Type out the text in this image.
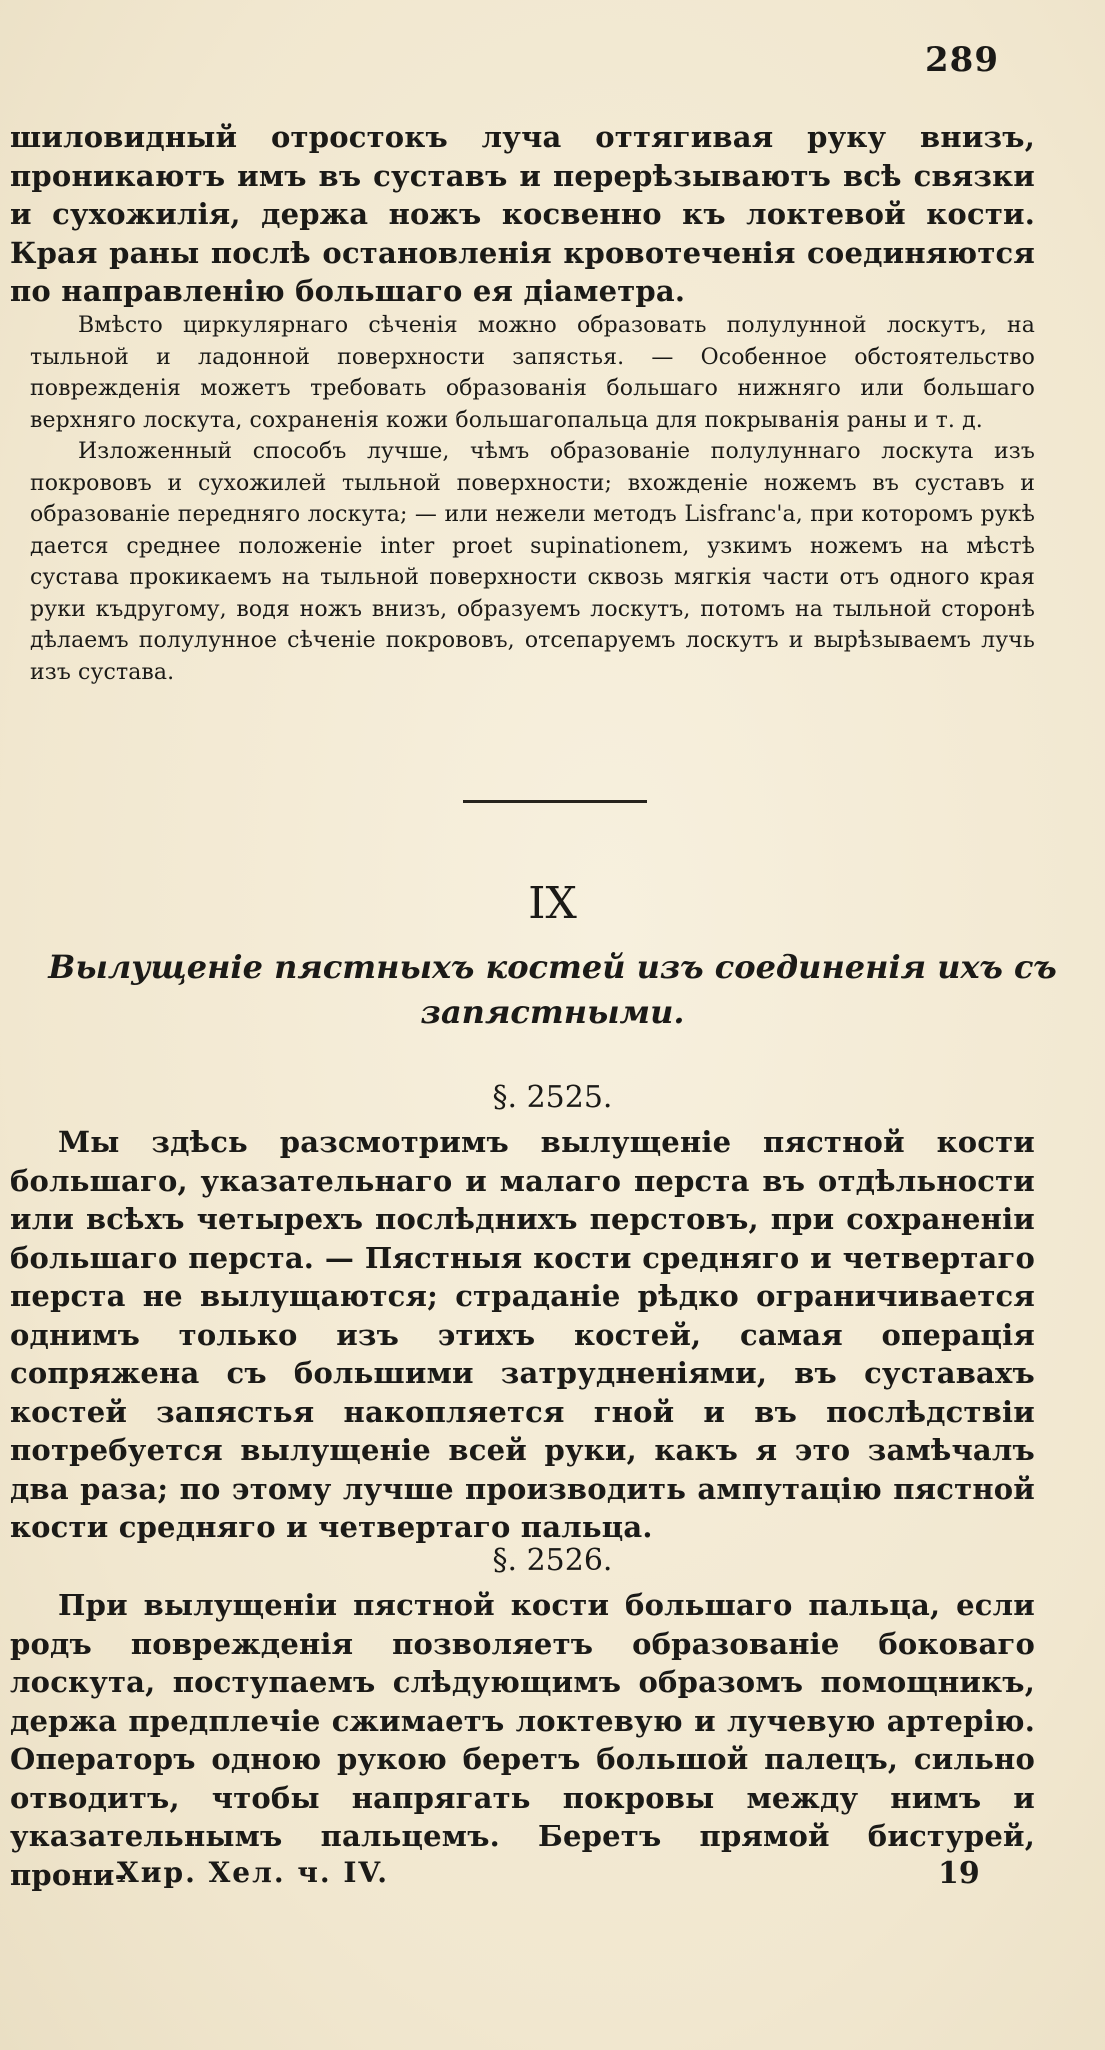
289

шиловидный отростокъ луча оттягивая руку внизъ, проникаютъ имъ въ суставъ и перерѣзываютъ всѣ связки и сухожилія, держа ножъ косвенно къ локтевой кости. Края раны послѣ остановленія кровотеченія соединяются по направленію большаго ея діаметра.

Вмѣсто циркулярнаго сѣченія можно образовать полулунной лоскутъ, на тыльной и ладонной поверхности запястья. — Особенное обстоятельство поврежденія можетъ требовать образованія большаго нижняго или большаго верхняго лоскута, сохраненія кожи большагопальца для покрыванія раны и т. д.

Изложенный способъ лучше, чѣмъ образованіе полулуннаго лоскута изъ покрововъ и сухожилей тыльной поверхности; вхожденіе ножемъ въ суставъ и образованіе передняго лоскута; — или нежели методъ Lisfranc'а, при которомъ рукѣ дается среднее положеніе inter proet supinationem, узкимъ ножемъ на мѣстѣ сустава прокикаемъ на тыльной поверхности сквозь мягкія части отъ одного края руки къдругому, водя ножъ внизъ, образуемъ лоскутъ, потомъ на тыльной сторонѣ дѣлаемъ полулунное сѣченіе покрововъ, отсепаруемъ лоскутъ и вырѣзываемъ лучь изъ сустава.

IX
Вылущеніе пястныхъ костей изъ соединенія ихъ съ запястными.
§. 2525.

Мы здѣсь разсмотримъ вылущеніе пястной кости большаго, указательнаго и малаго перста въ отдѣльности или всѣхъ четырехъ послѣднихъ перстовъ, при сохраненіи большаго перста. — Пястныя кости средняго и четвертаго перста не вылущаются; страданіе рѣдко ограничивается однимъ только изъ этихъ костей, самая операція сопряжена съ большими затрудненіями, въ суставахъ костей запястья накопляется гной и въ послѣдствіи потребуется вылущеніе всей руки, какъ я это замѣчалъ два раза; по этому лучше производить ампутацію пястной кости средняго и четвертаго пальца.

§. 2526.

При вылущеніи пястной кости большаго пальца, если родъ поврежденія позволяетъ образованіе боковаго лоскута, поступаемъ слѣдующимъ образомъ помощникъ, держа предплечіе сжимаетъ локтевую и лучевую артерію. Операторъ одною рукою беретъ большой палецъ, сильно отводитъ, чтобы напрягать покровы между нимъ и указательнымъ пальцемъ. Беретъ прямой бистурей, прони-

Хир. Хел. ч. IV.	19
